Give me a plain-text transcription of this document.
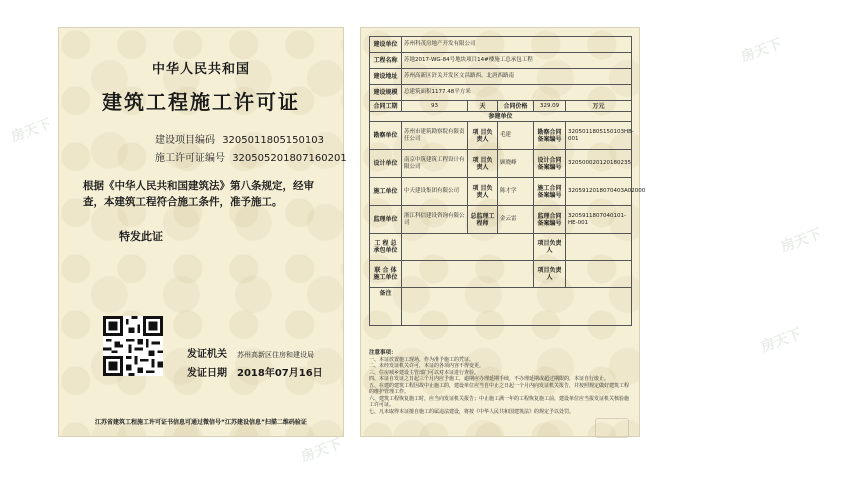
中华人民共和国
建筑工程施工许可证
建设项目编码 3205011805150103
施工许可证编号 320505201807160201
根据《中华人民共和国建筑法》第八条规定，经审查，本建筑工程符合施工条件，准予施工。
特发此证
发证机关 苏州高新区住房和建设局
发证日期 2018年07月16日
江苏省建筑工程施工许可证书信息可通过微信号“江苏建设信息”扫描二维码验证
建设单位	苏州科茂房地产开发有限公司				
工程名称	苏地2017-WG-84号地块项目14#楼施工总承包工程				
建设地址	苏州高新区浒关开发区文昌路西、北唐西路南				
建设规模	总建筑面积1177.48平方米				
合同工期	93	天	合同价格	329.09	万元
参建单位					
勘察单位	苏州市建筑勘察院有限责任公司	项 目负责人	毛建	勘察合同备案编号	3205011805150103HB-001
设计单位	南京中筑建筑工程设计有限公司	项 目负责人	顾晓峰	设计合同备案编号	320500020120180235
施工单位	中天建设集团有限公司	项 目负责人	陈才学	施工合同备案编号	3205912018070403A02000
监理单位	浙江科信建设咨询有限公司	总监理工程师	金云雷	监理合同备案编号	3205911807040101-HE-001
工 程 总承包单位				项目负责人	
联 合 体施工单位				项目负责人	
备注					
注意事项：
一、本证放置施工现场，作为准予施工的凭证。
二、未经发证机关许可，本证的各项内容不得变更。
三、住房城乡建设主管部门可以对本证进行查验。
四、本证自发证之日起三个月内应予施工，逾期应办理延期手续，不办理延期或超过期限的，本证自行废止。
五、在建的建筑工程因故中止施工的，建设单位应当自中止之日起一个月内向发证机关报告，并按照规定做好建筑工程的维护管理工作。
六、建筑工程恢复施工时，应当向发证机关报告；中止施工满一年的工程恢复施工前，建设单位应当报发证机关核验施工许可证。
七、凡未取得本证擅自施工的属违法建设，将按《中华人民共和国建筑法》的规定予以处罚。
房天下
房天下
房天下
房天下
房天下
